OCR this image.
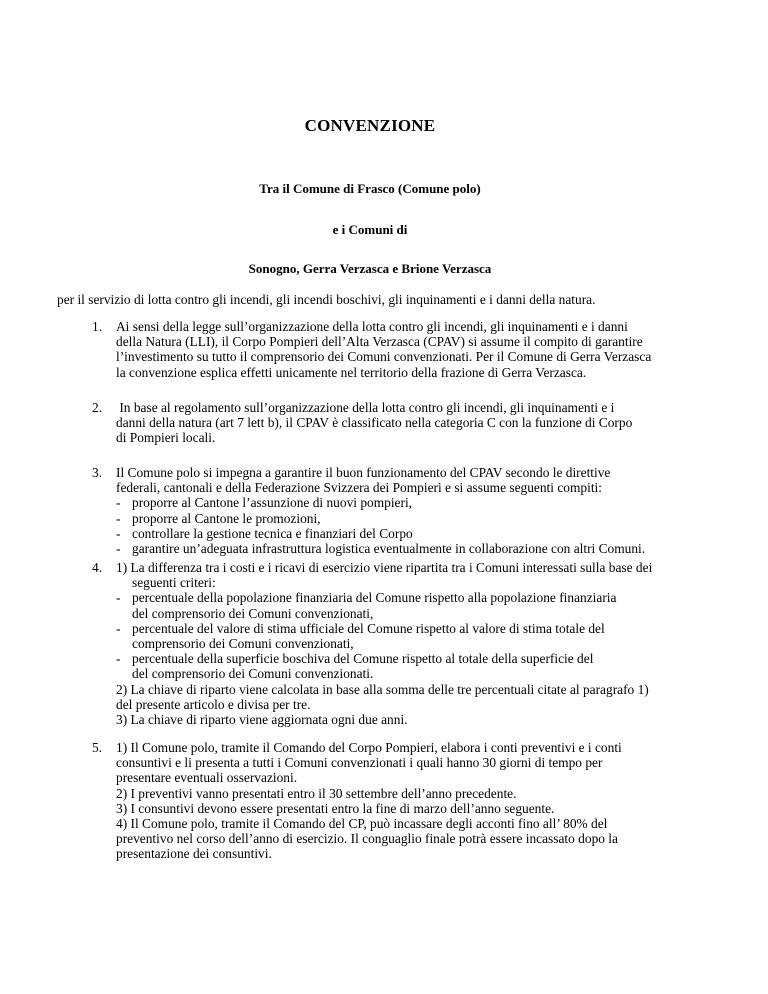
CONVENZIONE
Tra il Comune di Frasco (Comune polo)
e i Comuni di
Sonogno, Gerra Verzasca e Brione Verzasca
per il servizio di lotta contro gli incendi, gli incendi boschivi, gli inquinamenti e i danni della natura.
1. Ai sensi della legge sull’organizzazione della lotta contro gli incendi, gli inquinamenti e i danni
della Natura (LLI), il Corpo Pompieri dell’Alta Verzasca (CPAV) si assume il compito di garantire
l’investimento su tutto il comprensorio dei Comuni convenzionati. Per il Comune di Gerra Verzasca
la convenzione esplica effetti unicamente nel territorio della frazione di Gerra Verzasca.
2. In base al regolamento sull’organizzazione della lotta contro gli incendi, gli inquinamenti e i
danni della natura (art 7 lett b), il CPAV è classificato nella categoria C con la funzione di Corpo
di Pompieri locali.
3. Il Comune polo si impegna a garantire il buon funzionamento del CPAV secondo le direttive
federali, cantonali e della Federazione Svizzera dei Pompieri e si assume seguenti compiti:
- proporre al Cantone l’assunzione di nuovi pompieri,
- proporre al Cantone le promozioni,
- controllare la gestione tecnica e finanziari del Corpo
- garantire un’adeguata infrastruttura logistica eventualmente in collaborazione con altri Comuni.
4. 1) La differenza tra i costi e i ricavi di esercizio viene ripartita tra i Comuni interessati sulla base dei
seguenti criteri:
- percentuale della popolazione finanziaria del Comune rispetto alla popolazione finanziaria
del comprensorio dei Comuni convenzionati,
- percentuale del valore di stima ufficiale del Comune rispetto al valore di stima totale del
comprensorio dei Comuni convenzionati,
- percentuale della superficie boschiva del Comune rispetto al totale della superficie del
del comprensorio dei Comuni convenzionati.
2) La chiave di riparto viene calcolata in base alla somma delle tre percentuali citate al paragrafo 1)
del presente articolo e divisa per tre.
3) La chiave di riparto viene aggiornata ogni due anni.
5. 1) Il Comune polo, tramite il Comando del Corpo Pompieri, elabora i conti preventivi e i conti
consuntivi e li presenta a tutti i Comuni convenzionati i quali hanno 30 giorni di tempo per
presentare eventuali osservazioni.
2) I preventivi vanno presentati entro il 30 settembre dell’anno precedente.
3) I consuntivi devono essere presentati entro la fine di marzo dell’anno seguente.
4) Il Comune polo, tramite il Comando del CP, può incassare degli acconti fino all’ 80% del
preventivo nel corso dell’anno di esercizio. Il conguaglio finale potrà essere incassato dopo la
presentazione dei consuntivi.
